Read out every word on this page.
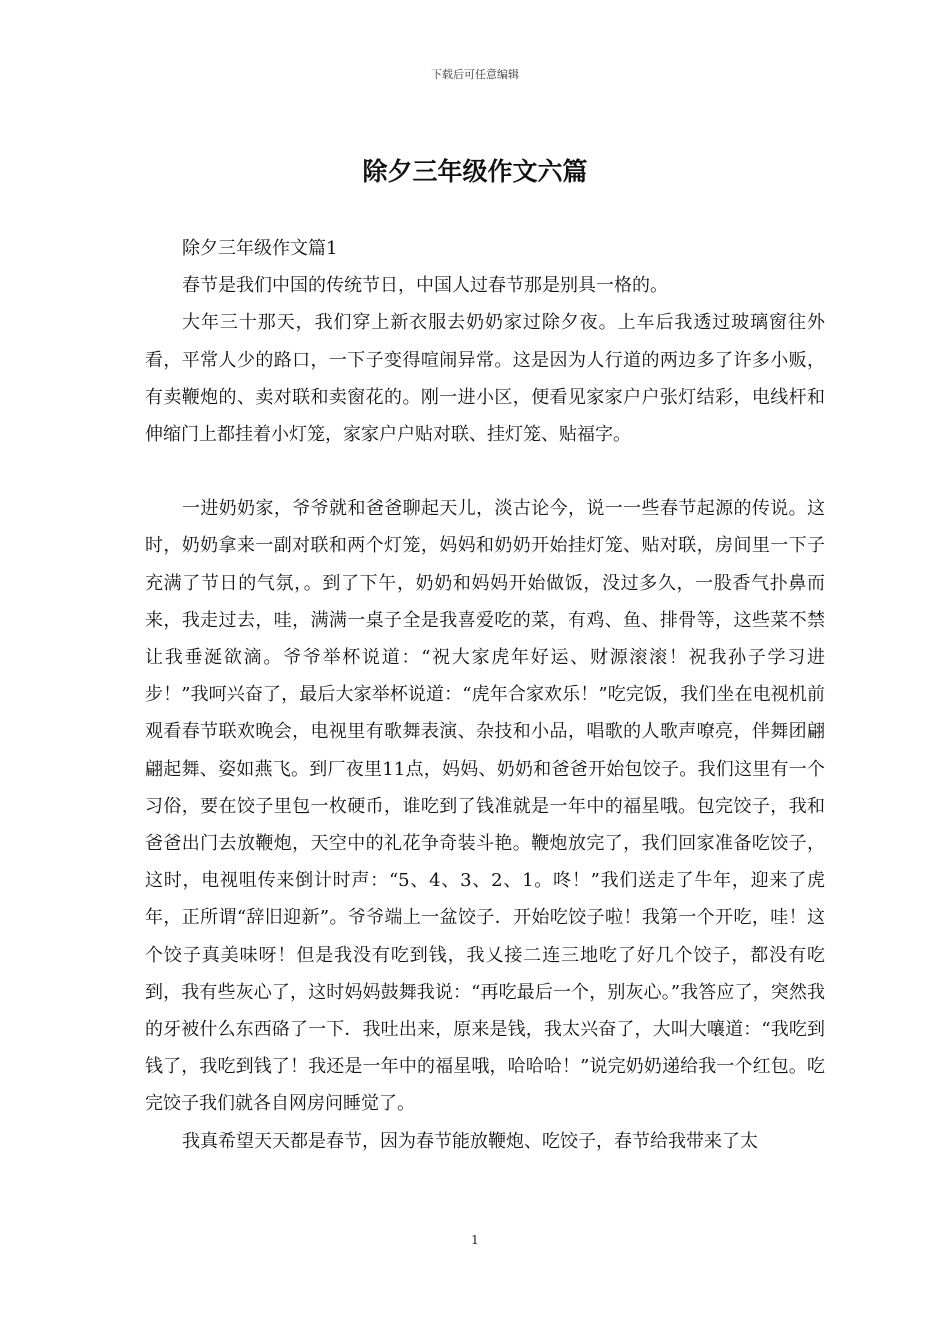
下载后可任意编辑
除夕三年级作文六篇

除夕三年级作文篇1

春节是我们中国的传统节日，中国人过春节那是别具一格的。

大年三十那天，我们穿上新衣服去奶奶家过除夕夜。上车后我透过玻璃窗往外看，平常人少的路口，一下子变得喧闹异常。这是因为人行道的两边多了许多小贩，有卖鞭炮的、卖对联和卖窗花的。刚一进小区，便看见家家户户张灯结彩，电线杆和伸缩门上都挂着小灯笼，家家户户贴对联、挂灯笼、贴福字。

一进奶奶家，爷爷就和爸爸聊起天儿，淡古论今，说一一些春节起源的传说。这时，奶奶拿来一副对联和两个灯笼，妈妈和奶奶开始挂灯笼、贴对联，房间里一下子充满了节日的气氛，。到了下午，奶奶和妈妈开始做饭，没过多久，一股香气扑鼻而来，我走过去，哇，满满一桌子全是我喜爱吃的菜，有鸡、鱼、排骨等，这些菜不禁让我垂涎欲滴。爷爷举杯说道：“祝大家虎年好运、财源滚滚！祝我孙子学习进步！”我呵兴奋了，最后大家举杯说道：“虎年合家欢乐！”吃完饭，我们坐在电视机前观看春节联欢晚会，电视里有歌舞表演、杂技和小品，唱歌的人歌声嘹亮，伴舞团翩翩起舞、姿如燕飞。到厂夜里11点，妈妈、奶奶和爸爸开始包饺子。我们这里有一个习俗，要在饺子里包一枚硬币，谁吃到了钱准就是一年中的福星哦。包完饺子，我和爸爸出门去放鞭炮，天空中的礼花争奇装斗艳。鞭炮放完了，我们回家准备吃饺子，这时，电视咀传来倒计时声：“5、4、3、2、1。咚！”我们送走了牛年，迎来了虎年，正所谓“辞旧迎新”。爷爷端上一盆饺子．开始吃饺子啦！我第一个开吃，哇！这个饺子真美味呀！但是我没有吃到钱，我乂接二连三地吃了好几个饺子，都没有吃到，我有些灰心了，这时妈妈鼓舞我说：“再吃最后一个，别灰心。”我答应了，突然我的牙被什么东西硌了一下．我吐出来，原来是钱，我太兴奋了，大叫大嚷道：“我吃到钱了，我吃到钱了！我还是一年中的福星哦，哈哈哈！”说完奶奶递给我一个红包。吃完饺子我们就各自网房问睡觉了。

我真希望天天都是春节，因为春节能放鞭炮、吃饺子，春节给我带来了太

1
